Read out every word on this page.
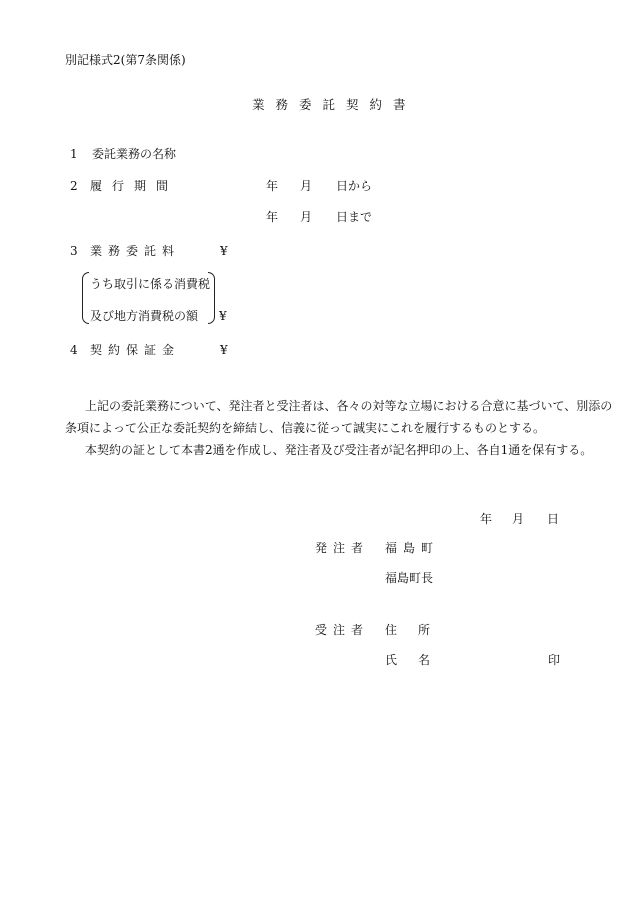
別記様式2(第7条関係)
業務委託契約書
1 委託業務の名称
2 履行期間	年 月 日から
年 月 日まで
3 業務委託料	¥
うち取引に係る消費税
及び地方消費税の額 ¥
4 契約保証金	¥
上記の委託業務について、発注者と受注者は、各々の対等な立場における合意に基づいて、別添の条項によって公正な委託契約を締結し、信義に従って誠実にこれを履行するものとする。
本契約の証として本書2通を作成し、発注者及び受注者が記名押印の上、各自1通を保有する。
年 月 日
発注者 福島町
福島町長
受注者 住所
氏名	印
